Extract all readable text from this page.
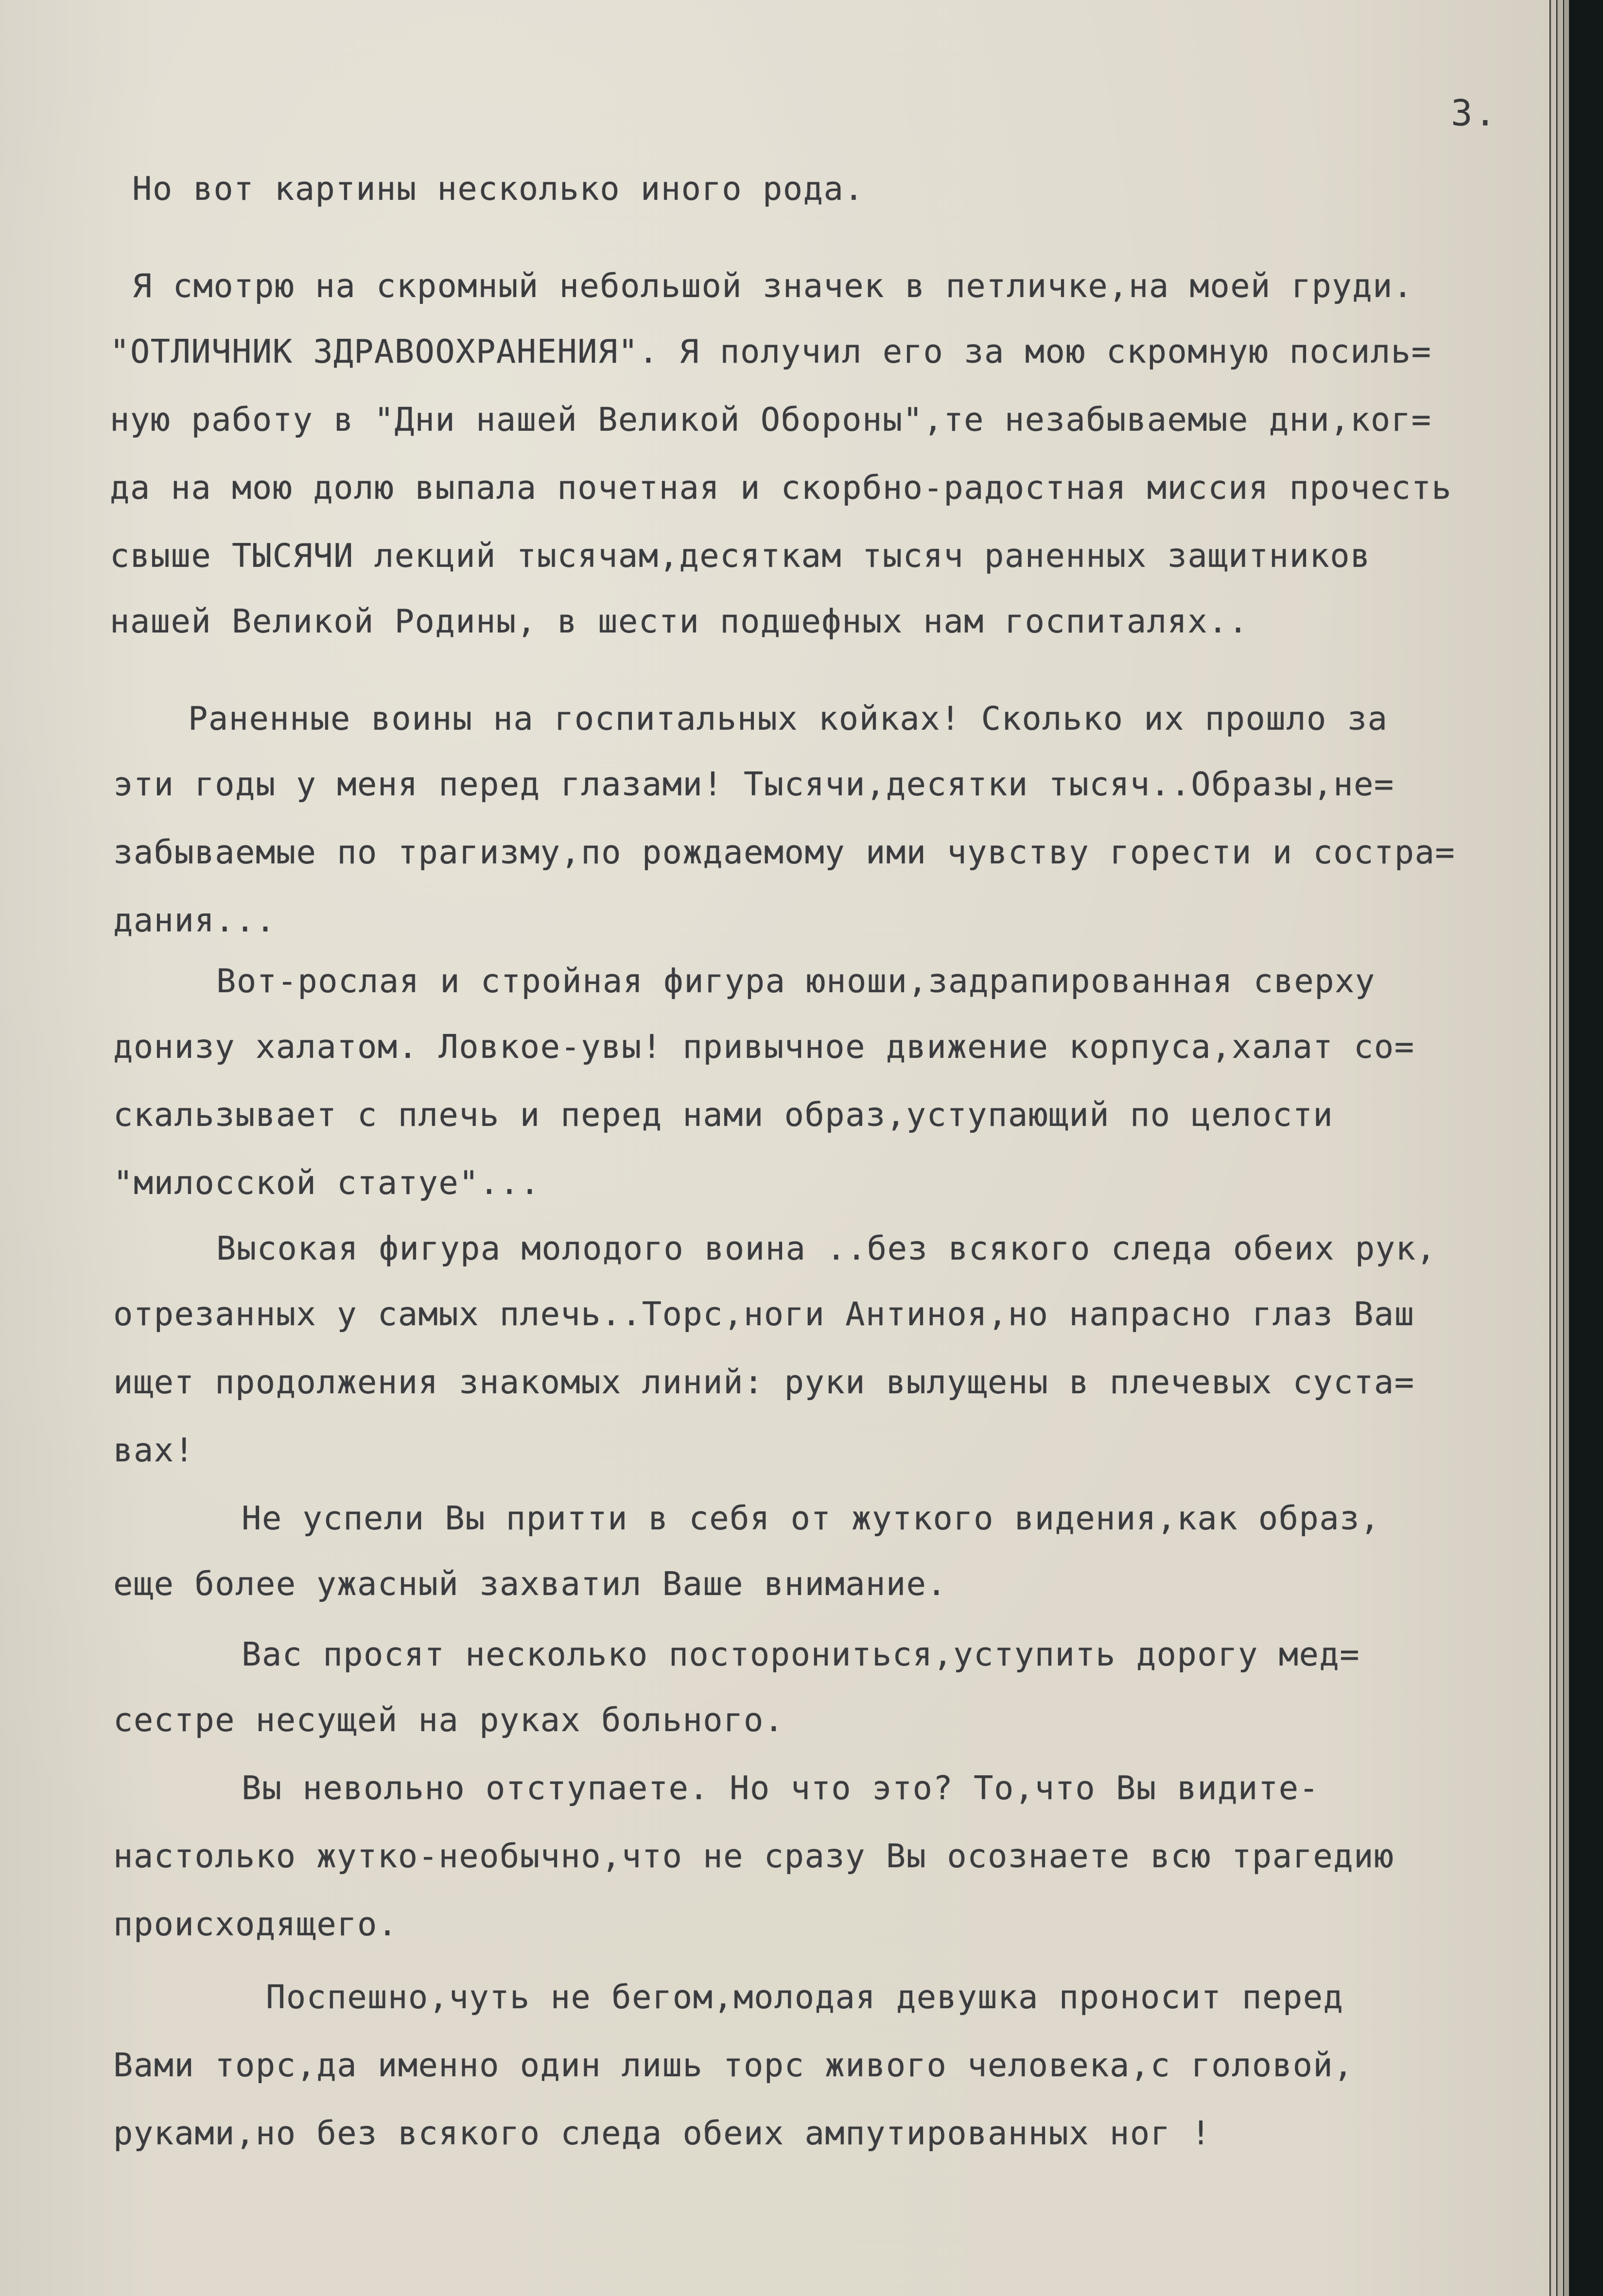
3.
Но вот картины несколько иного рода.
Я смотрю на скромный небольшой значек в петличке,на моей груди.
"ОТЛИЧНИК ЗДРАВООХРАНЕНИЯ". Я получил его за мою скромную посиль=
ную работу в "Дни нашей Великой Обороны",те незабываемые дни,ког=
да на мою долю выпала почетная и скорбно-радостная миссия прочесть
свыше ТЫСЯЧИ лекций тысячам,десяткам тысяч раненных защитников
нашей Великой Родины, в шести подшефных нам госпиталях..
Раненные воины на госпитальных койках! Сколько их прошло за
эти годы у меня перед глазами! Тысячи,десятки тысяч..Образы,не=
забываемые по трагизму,по рождаемому ими чувству горести и состра=
дания...
Вот-рослая и стройная фигура юноши,задрапированная сверху
донизу халатом. Ловкое-увы! привычное движение корпуса,халат со=
скальзывает с плечь и перед нами образ,уступающий по целости
"милосской статуе"...
Высокая фигура молодого воина ..без всякого следа обеих рук,
отрезанных у самых плечь..Торс,ноги Антиноя,но напрасно глаз Ваш
ищет продолжения знакомых линий: руки вылущены в плечевых суста=
вах!
Не успели Вы притти в себя от жуткого видения,как образ,
еще более ужасный захватил Ваше внимание.
Вас просят несколько посторониться,уступить дорогу мед=
сестре несущей на руках больного.
Вы невольно отступаете. Но что это? То,что Вы видите-
настолько жутко-необычно,что не сразу Вы осознаете всю трагедию
происходящего.
Поспешно,чуть не бегом,молодая девушка проносит перед
Вами торс,да именно один лишь торс живого человека,с головой,
руками,но без всякого следа обеих ампутированных ног !
